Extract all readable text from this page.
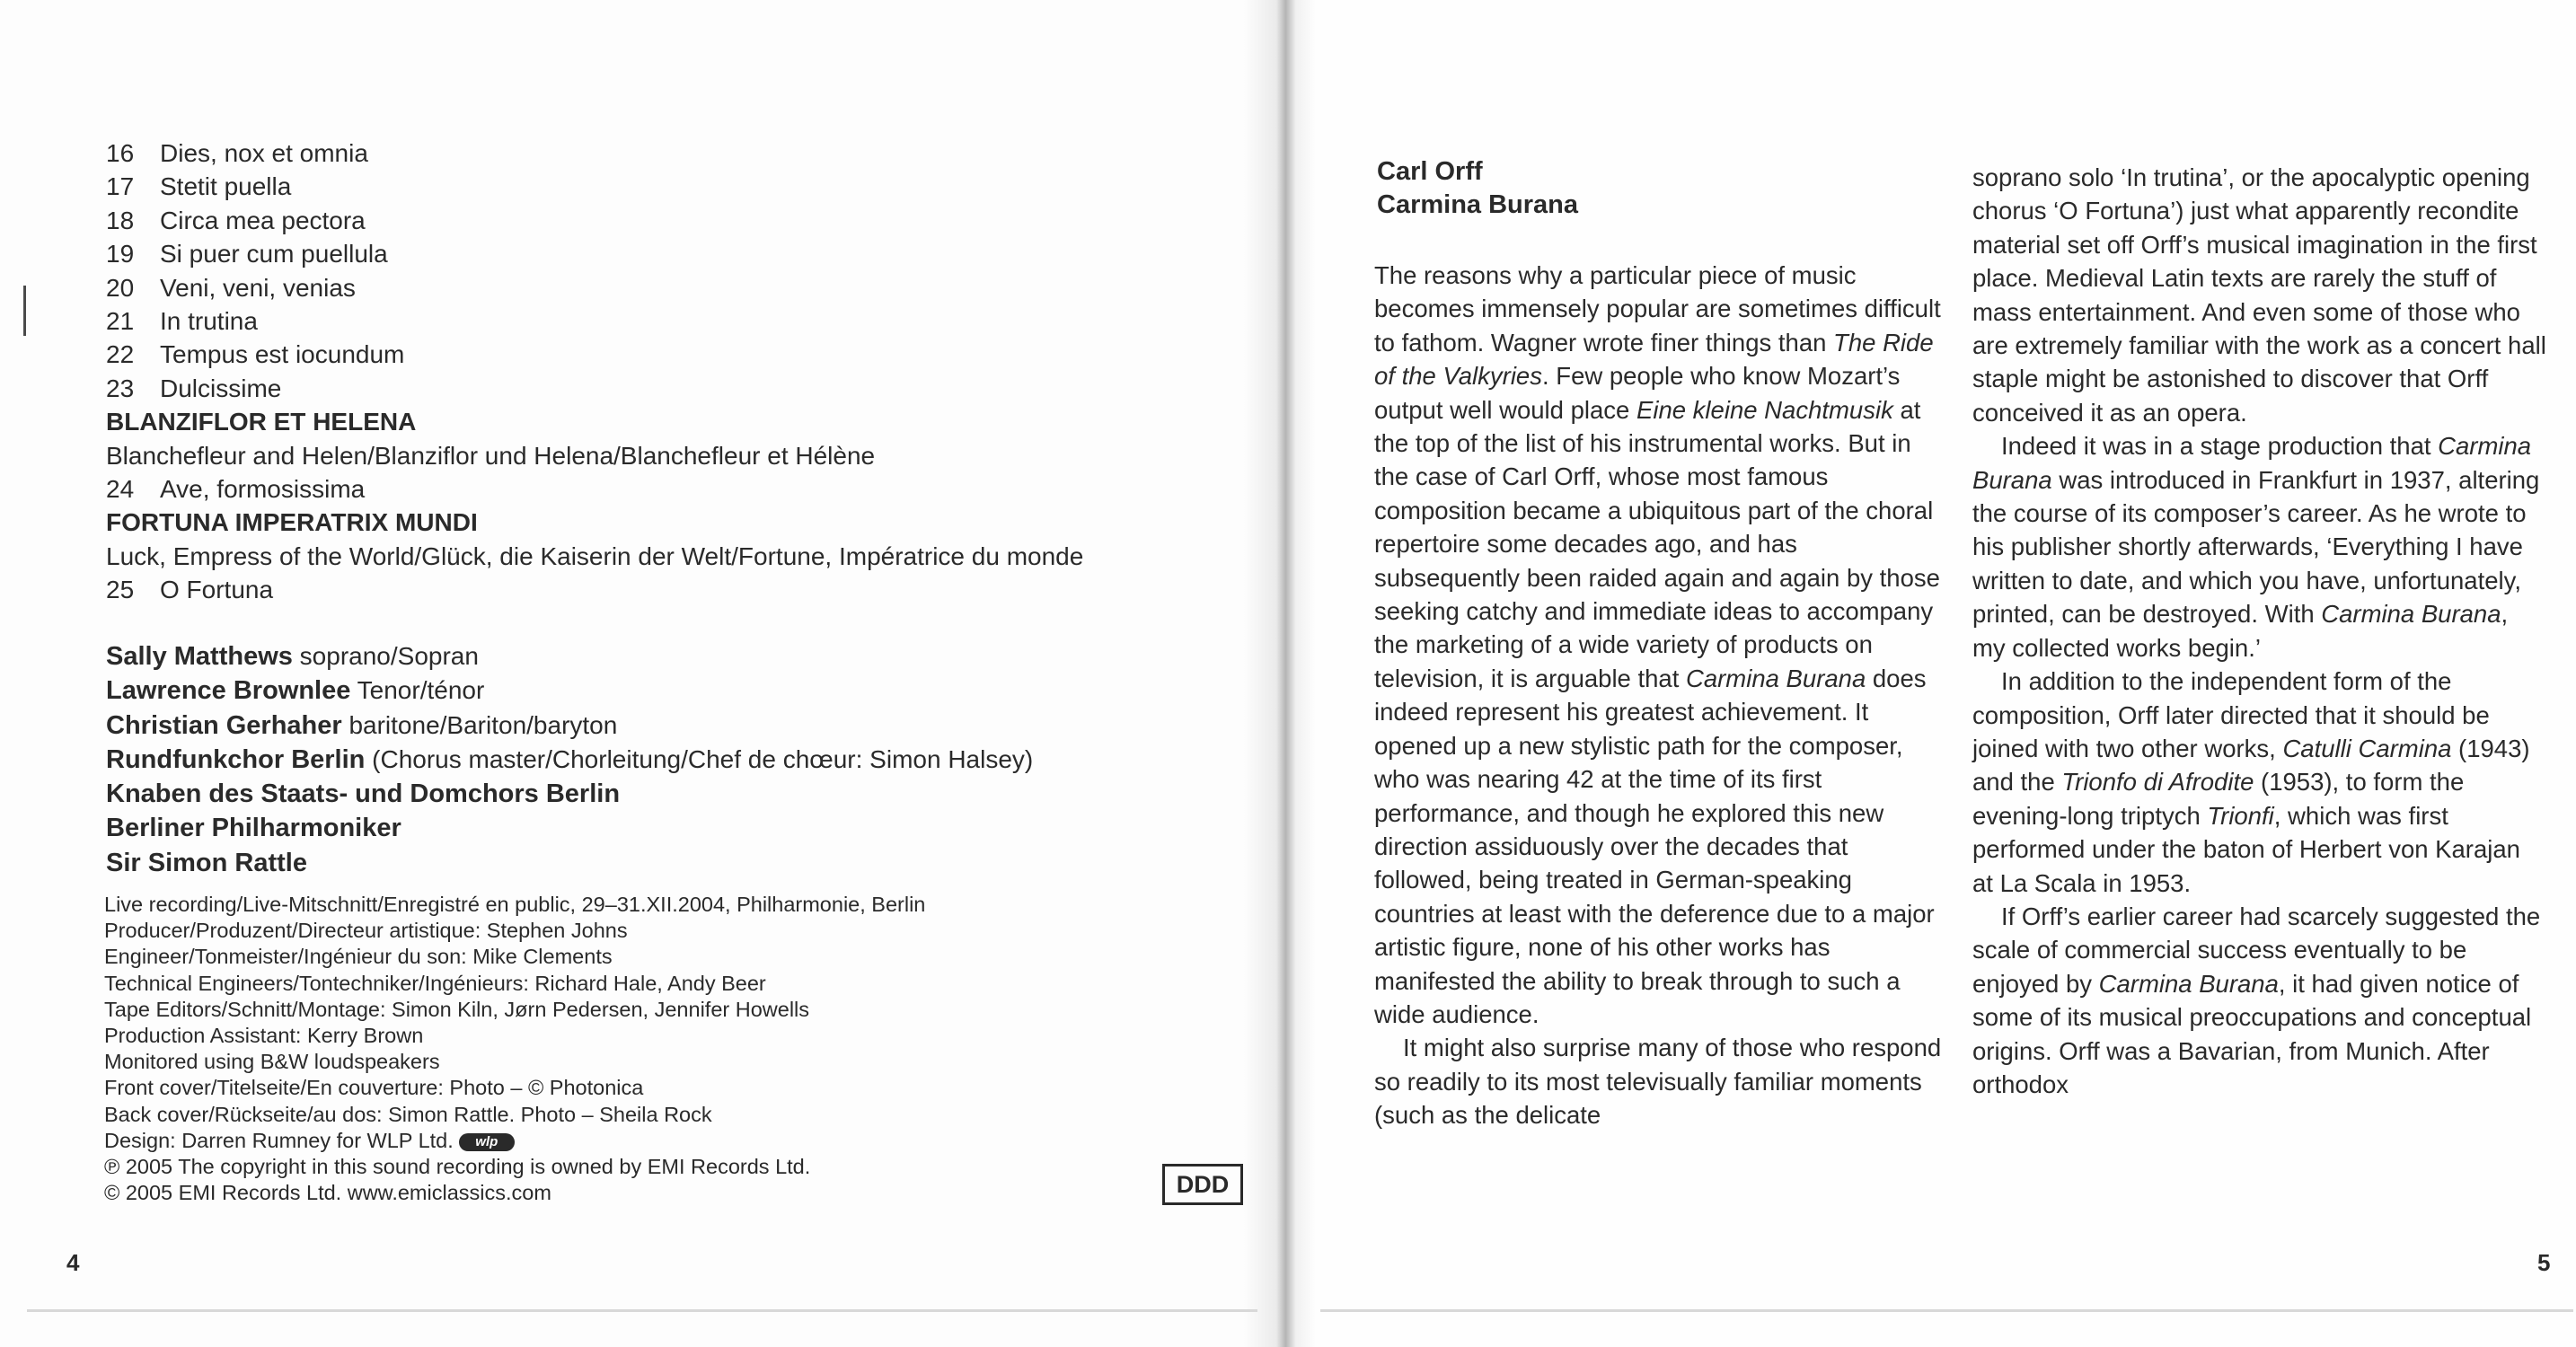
16	Dies, nox et omnia
17	Stetit puella
18	Circa mea pectora
19	Si puer cum puellula
20	Veni, veni, venias
21	In trutina
22	Tempus est iocundum
23	Dulcissime
BLANZIFLOR ET HELENA
Blanchefleur and Helen/Blanziflor und Helena/Blanchefleur et Hélène
24	Ave, formosissima
FORTUNA IMPERATRIX MUNDI
Luck, Empress of the World/Glück, die Kaiserin der Welt/Fortune, Impératrice du monde
25	O Fortuna
Sally Matthews soprano/Sopran
Lawrence Brownlee Tenor/ténor
Christian Gerhaher baritone/Bariton/baryton
Rundfunkchor Berlin (Chorus master/Chorleitung/Chef de chœur: Simon Halsey)
Knaben des Staats- und Domchors Berlin
Berliner Philharmoniker
Sir Simon Rattle
Live recording/Live-Mitschnitt/Enregistré en public, 29–31.XII.2004, Philharmonie, Berlin
Producer/Produzent/Directeur artistique: Stephen Johns
Engineer/Tonmeister/Ingénieur du son: Mike Clements
Technical Engineers/Tontechniker/Ingénieurs: Richard Hale, Andy Beer
Tape Editors/Schnitt/Montage: Simon Kiln, Jørn Pedersen, Jennifer Howells
Production Assistant: Kerry Brown
Monitored using B&W loudspeakers
Front cover/Titelseite/En couverture: Photo – © Photonica
Back cover/Rückseite/au dos: Simon Rattle. Photo – Sheila Rock
Design: Darren Rumney for WLP Ltd. wlp
℗ 2005 The copyright in this sound recording is owned by EMI Records Ltd.
© 2005 EMI Records Ltd. www.emiclassics.com	DDD
4
Carl Orff
Carmina Burana

The reasons why a particular piece of music becomes immensely popular are sometimes difficult to fathom. Wagner wrote finer things than The Ride of the Valkyries. Few people who know Mozart’s output well would place Eine kleine Nachtmusik at the top of the list of his instrumental works. But in the case of Carl Orff, whose most famous composition became a ubiquitous part of the choral repertoire some decades ago, and has subsequently been raided again and again by those seeking catchy and immediate ideas to accompany the marketing of a wide variety of products on television, it is arguable that Carmina Burana does indeed represent his greatest achievement. It opened up a new stylistic path for the composer, who was nearing 42 at the time of its first performance, and though he explored this new direction assiduously over the decades that followed, being treated in German-speaking countries at least with the deference due to a major artistic figure, none of his other works has manifested the ability to break through to such a wide audience.

It might also surprise many of those who respond so readily to its most televisually familiar moments (such as the delicate

soprano solo ‘In trutina’, or the apocalyptic opening chorus ‘O Fortuna’) just what apparently recondite material set off Orff’s musical imagination in the first place. Medieval Latin texts are rarely the stuff of mass entertainment. And even some of those who are extremely familiar with the work as a concert hall staple might be astonished to discover that Orff conceived it as an opera.

Indeed it was in a stage production that Carmina Burana was introduced in Frankfurt in 1937, altering the course of its composer’s career. As he wrote to his publisher shortly afterwards, ‘Everything I have written to date, and which you have, unfortunately, printed, can be destroyed. With Carmina Burana, my collected works begin.’

In addition to the independent form of the composition, Orff later directed that it should be joined with two other works, Catulli Carmina (1943) and the Trionfo di Afrodite (1953), to form the evening-long triptych Trionfi, which was first performed under the baton of Herbert von Karajan at La Scala in 1953.

If Orff’s earlier career had scarcely suggested the scale of commercial success eventually to be enjoyed by Carmina Burana, it had given notice of some of its musical preoccupations and conceptual origins. Orff was a Bavarian, from Munich. After orthodox

5
